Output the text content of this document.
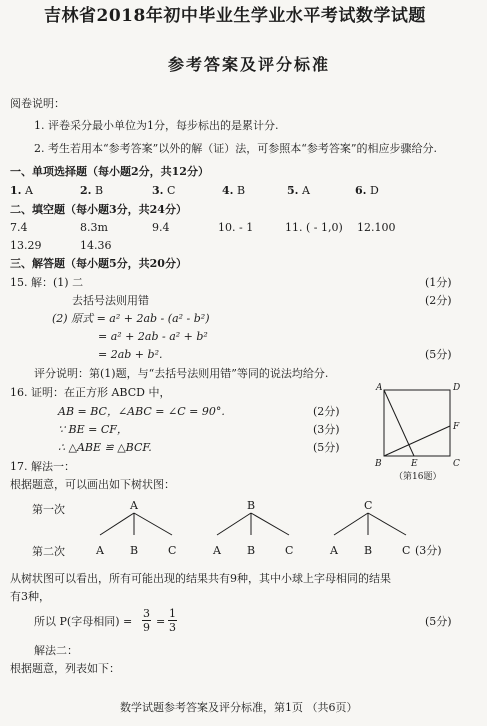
吉林省2018年初中毕业生学业水平考试数学试题
参考答案及评分标准
阅卷说明：
1. 评卷采分最小单位为1分，每步标出的是累计分.
2. 考生若用本“参考答案”以外的解（证）法，可参照本“参考答案”的相应步骤给分.
一、单项选择题（每小题2分，共12分）
1. A	2. B	3. C	4. B	5. A	6. D
二、填空题（每小题3分，共24分）
7.4	8.3m	9.4	10. - 1	11. ( - 1,0) 12.100
13.29	14.36
三、解答题（每小题5分，共20分）
15. 解：(1) 二	(1分)
去括号法则用错	(2分)
(2) 原式 = a² + 2ab - (a² - b²)
= a² + 2ab - a² + b²
= 2ab + b².	(5分)
评分说明：第(1)题，与“去括号法则用错”等同的说法均给分.
16. 证明：在正方形 ABCD 中，
AB = BC，∠ABC = ∠C = 90°.	(2分)
∵ BE = CF，	(3分)
∴ △ABE ≌ △BCF.	(5分)
A	D
B	C
E
F
（第16题）
17. 解法一：
根据题意，可以画出如下树状图：
第一次
第二次
A
A B	C
B
A B	C
C
A B	C (3分)
从树状图可以看出，所有可能出现的结果共有9种，其中小球上字母相同的结果
有3种，
所以 P(字母相同) = $\frac{3}{9} = \frac{1}{3}$	(5分)
解法二：
根据题意，列表如下：
数学试题参考答案及评分标准，第1页 （共6页）
